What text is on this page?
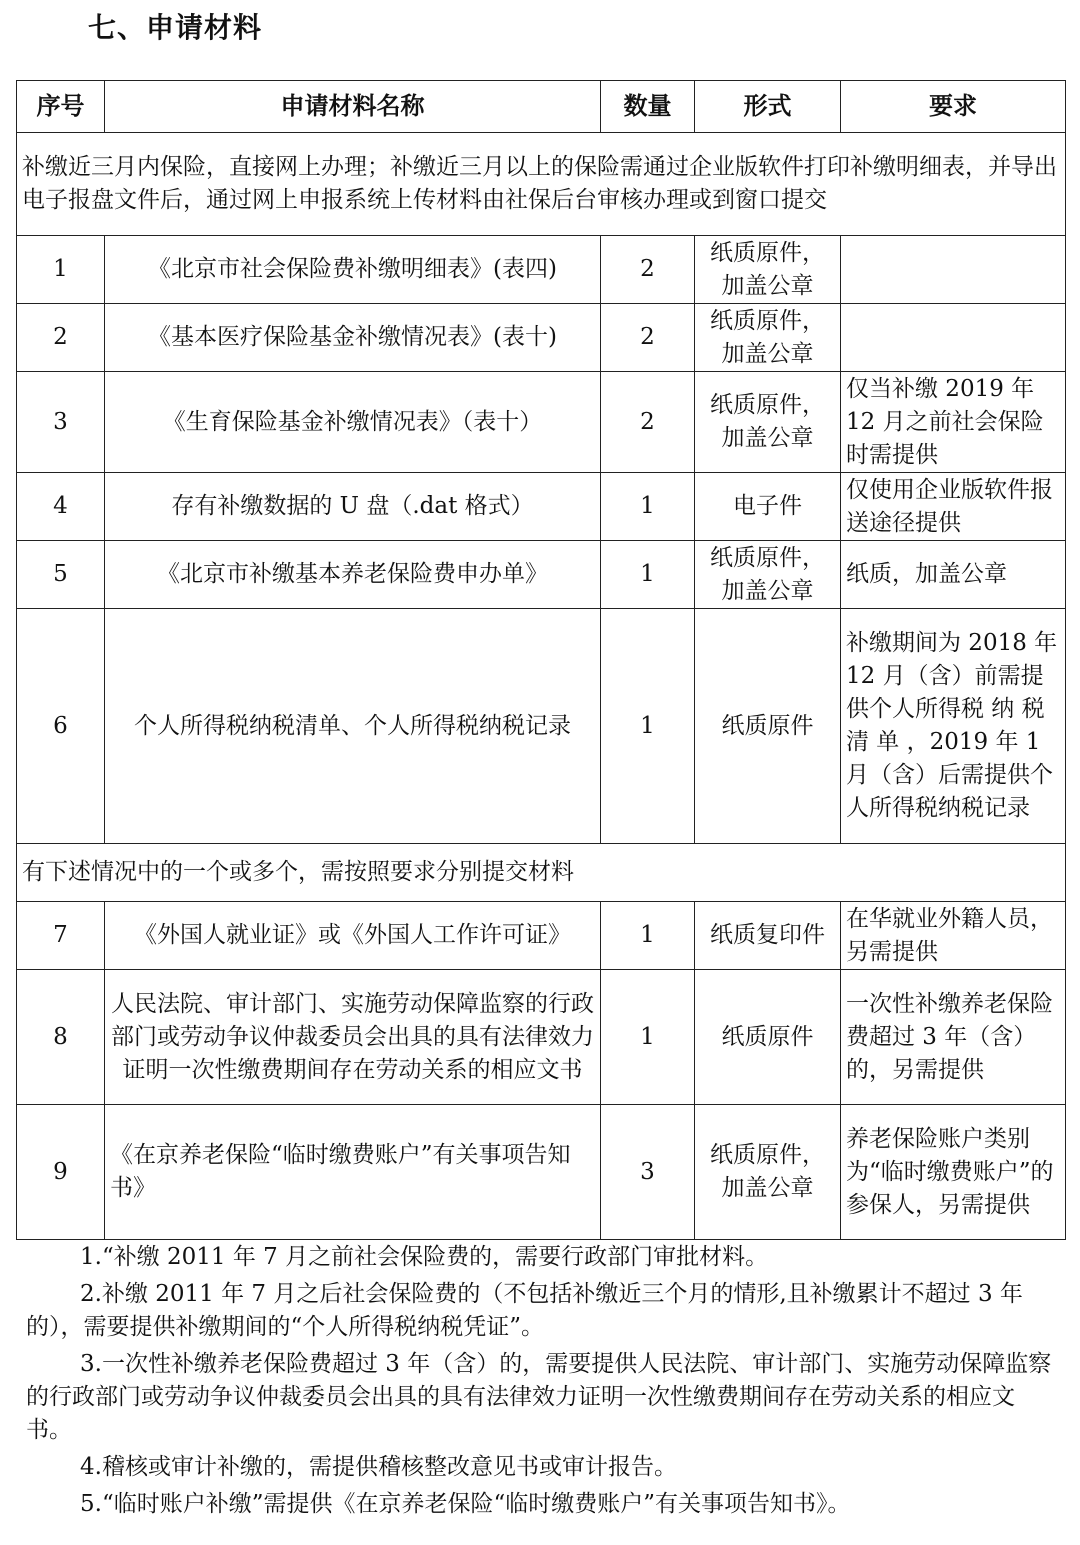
七、申请材料
序号	申请材料名称	数量	形式	要求
补缴近三月内保险，直接网上办理；补缴近三月以上的保险需通过企业版软件打印补缴明细表，并导出电子报盘文件后，通过网上申报系统上传材料由社保后台审核办理或到窗口提交				
1	《北京市社会保险费补缴明细表》(表四)	2	纸质原件，加盖公章	
2	《基本医疗保险基金补缴情况表》(表十)	2	纸质原件，加盖公章	
3	《生育保险基金补缴情况表》（表十）	2	纸质原件，加盖公章	仅当补缴 2019 年 12 月之前社会保险时需提供
4	存有补缴数据的 U 盘（.dat 格式）	1	电子件	仅使用企业版软件报送途径提供
5	《北京市补缴基本养老保险费申办单》	1	纸质原件，加盖公章	纸质，加盖公章
6	个人所得税纳税清单、个人所得税纳税记录	1	纸质原件	补缴期间为 2018 年 12 月（含）前需提供个人所得税 纳 税 清 单 ，2019 年 1 月（含）后需提供个人所得税纳税记录
有下述情况中的一个或多个，需按照要求分别提交材料				
7	《外国人就业证》或《外国人工作许可证》	1	纸质复印件	在华就业外籍人员，另需提供
8	人民法院、审计部门、实施劳动保障监察的行政部门或劳动争议仲裁委员会出具的具有法律效力证明一次性缴费期间存在劳动关系的相应文书	1	纸质原件	一次性补缴养老保险费超过 3 年（含）的，另需提供
9	《在京养老保险“临时缴费账户”有关事项告知书》	3	纸质原件，加盖公章	养老保险账户类别为“临时缴费账户”的参保人，另需提供

1.“补缴 2011 年 7 月之前社会保险费的，需要行政部门审批材料。

2.补缴 2011 年 7 月之后社会保险费的（不包括补缴近三个月的情形,且补缴累计不超过 3 年的），需要提供补缴期间的“个人所得税纳税凭证”。

3.一次性补缴养老保险费超过 3 年（含）的，需要提供人民法院、审计部门、实施劳动保障监察的行政部门或劳动争议仲裁委员会出具的具有法律效力证明一次性缴费期间存在劳动关系的相应文书。

4.稽核或审计补缴的，需提供稽核整改意见书或审计报告。

5.“临时账户补缴”需提供《在京养老保险“临时缴费账户”有关事项告知书》。
